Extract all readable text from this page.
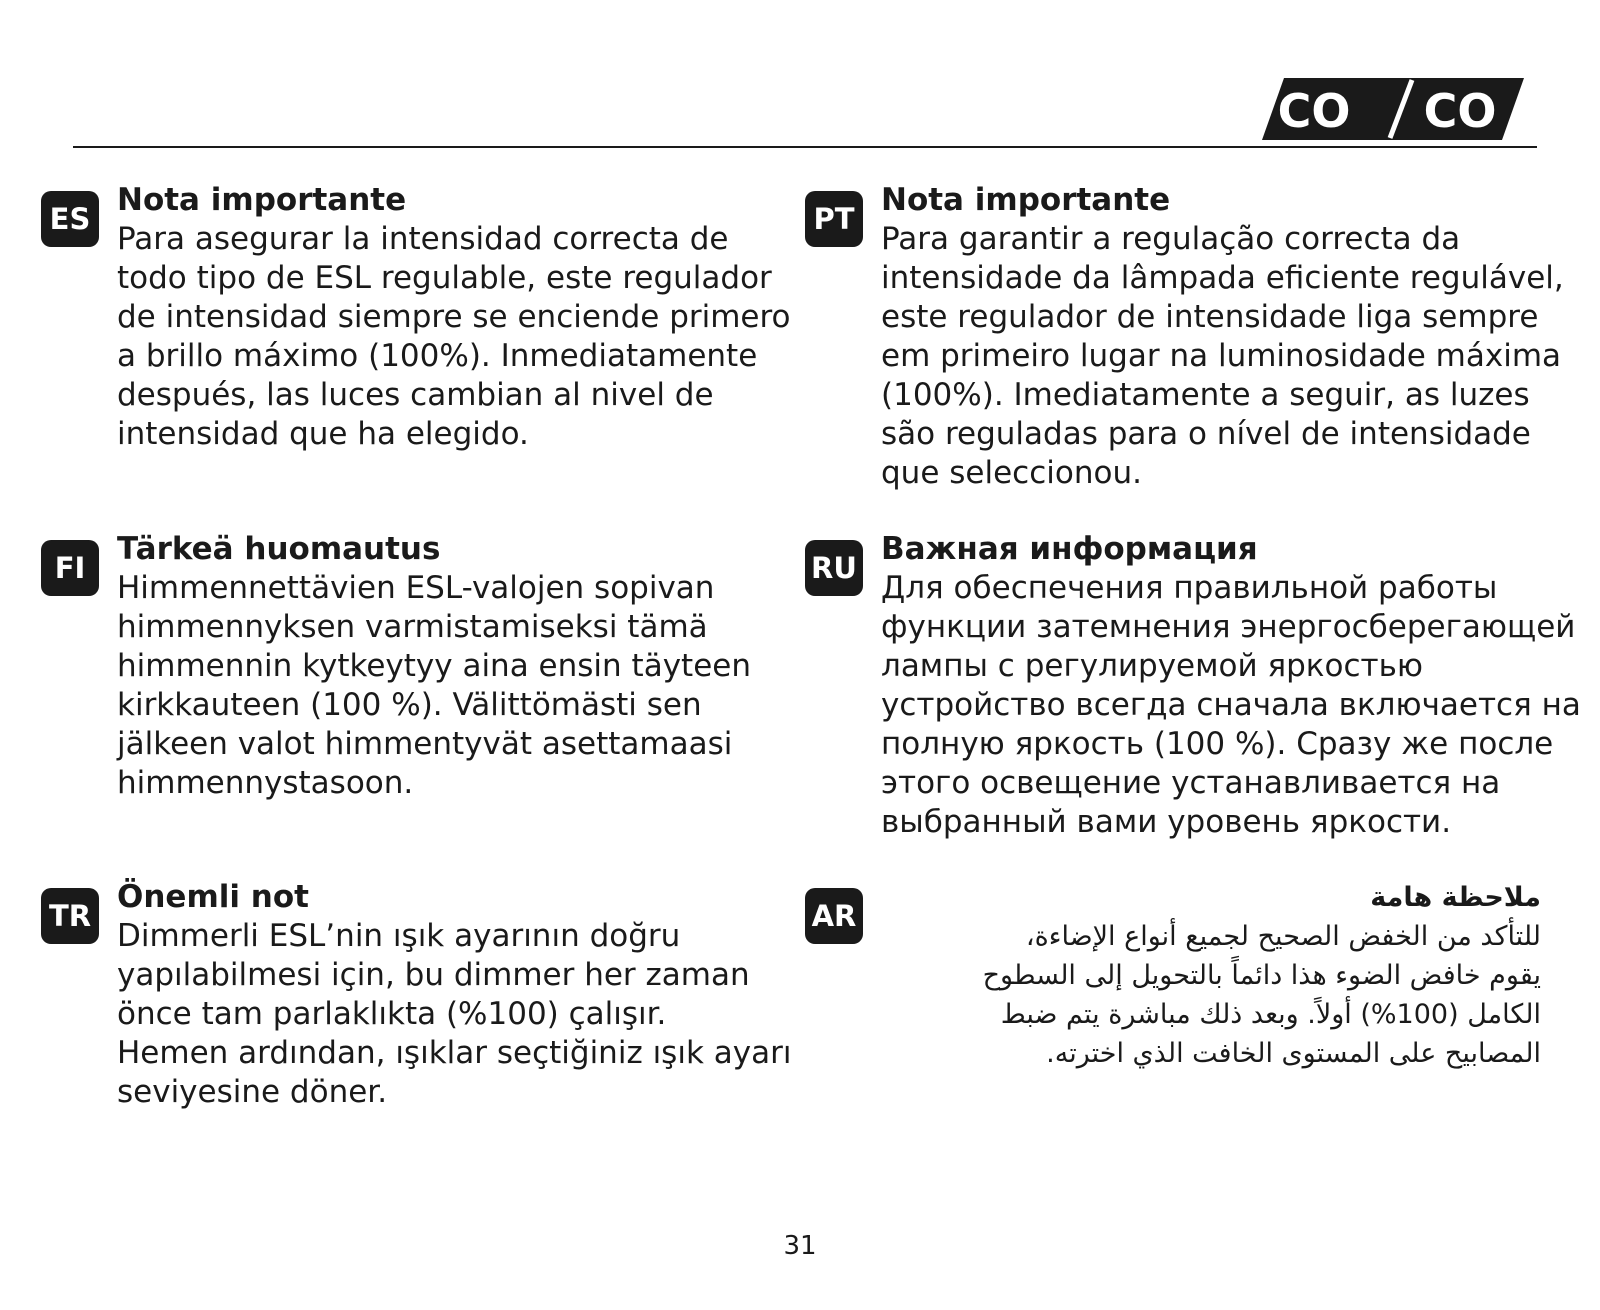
CO CO
ES
Nota importante
Para asegurar la intensidad correcta de
todo tipo de ESL regulable, este regulador
de intensidad siempre se enciende primero
a brillo máximo (100%). Inmediatamente
después, las luces cambian al nivel de
intensidad que ha elegido.
PT
Nota importante
Para garantir a regulação correcta da
intensidade da lâmpada eficiente regulável,
este regulador de intensidade liga sempre
em primeiro lugar na luminosidade máxima
(100%). Imediatamente a seguir, as luzes
são reguladas para o nível de intensidade
que seleccionou.
FI
Tärkeä huomautus
Himmennettävien ESL-valojen sopivan
himmennyksen varmistamiseksi tämä
himmennin kytkeytyy aina ensin täyteen
kirkkauteen (100 %). Välittömästi sen
jälkeen valot himmentyvät asettamaasi
himmennystasoon.
RU
Важная информация
Для обеспечения правильной работы
функции затемнения энергосберегающей
лампы с регулируемой яркостью
устройство всегда сначала включается на
полную яркость (100 %). Сразу же после
этого освещение устанавливается на
выбранный вами уровень яркости.
TR
Önemli not
Dimmerli ESL’nin ışık ayarının doğru
yapılabilmesi için, bu dimmer her zaman
önce tam parlaklıkta (%100) çalışır.
Hemen ardından, ışıklar seçtiğiniz ışık ayarı
seviyesine döner.
AR
ملاحظة هامة
للتأكد من الخفض الصحيح لجميع أنواع الإضاءة،
يقوم خافض الضوء هذا دائماً بالتحويل إلى السطوح
الكامل (100%) أولاً. وبعد ذلك مباشرة يتم ضبط
المصابيح على المستوى الخافت الذي اخترته.
31
